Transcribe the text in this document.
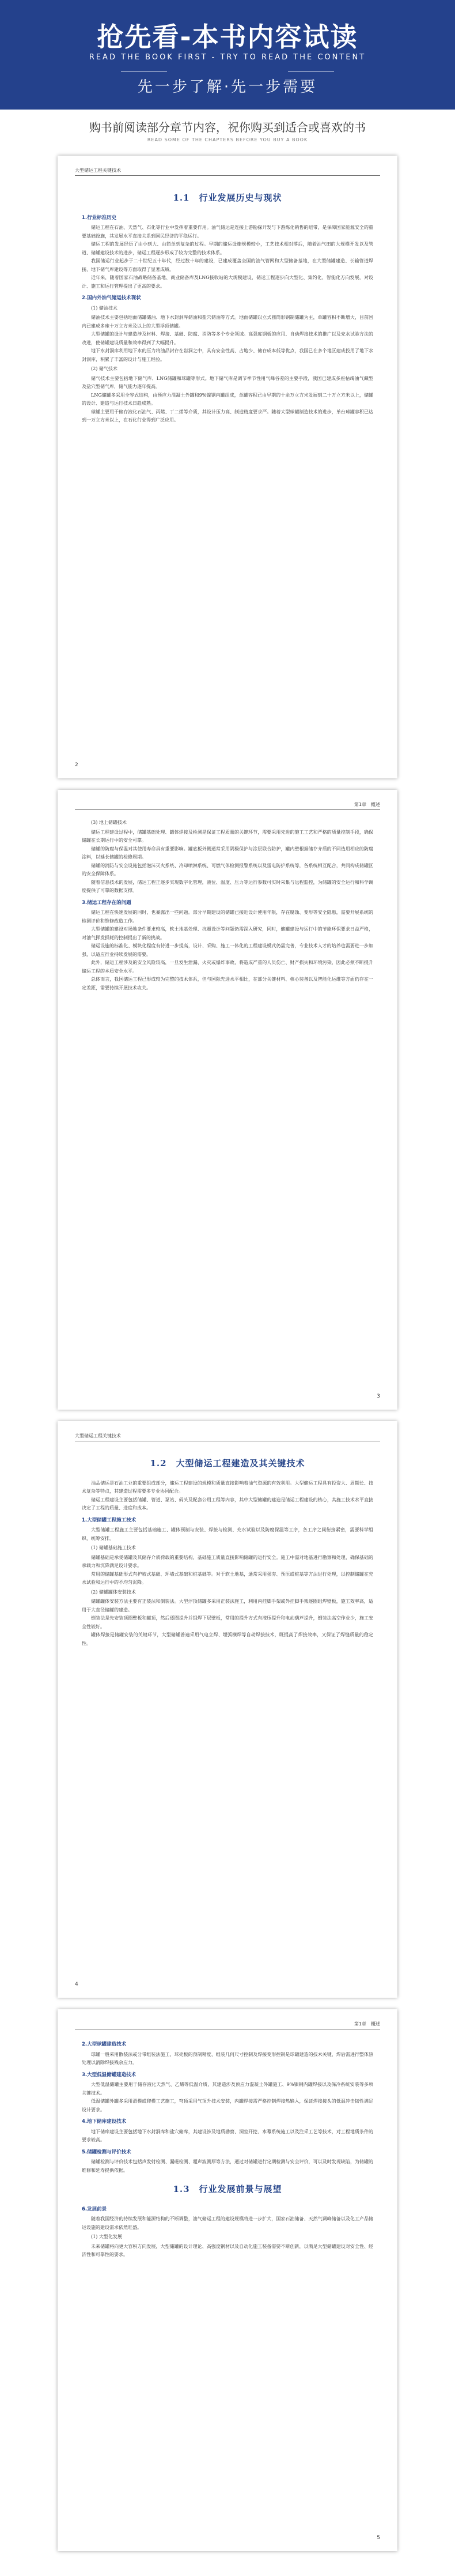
抢先看-本书内容试读
READ THE BOOK FIRST - TRY TO READ THE CONTENT
先一步了解·先一步需要
购书前阅读部分章节内容，祝你购买到适合或喜欢的书
READ SOME OF THE CHAPTERS BEFORE YOU BUY A BOOK
大型储运工程关键技术
1.1　行业发展历史与现状
1.行业标准历史

储运工程在石油、天然气、石化等行业中发挥着重要作用。油气储运是连接上游勘探开发与下游炼化销售的纽带，是保障国家能源安全的重要基础设施，其发展水平直接关系到国民经济的平稳运行。

储运工程的发展经历了由小到大、由简单到复杂的过程。早期的储运设施规模较小，工艺技术相对落后，随着油气田的大规模开发以及管道、储罐建设技术的进步，储运工程逐步形成了较为完整的技术体系。

我国储运行业起步于二十世纪五十年代，经过数十年的建设，已建成覆盖全国的油气管网和大型储备基地，在大型储罐建造、长输管道焊接、地下储气库建设等方面取得了显著成绩。

近年来，随着国家石油战略储备基地、商业储备库及LNG接收站的大规模建设，储运工程逐步向大型化、集约化、智能化方向发展，对设计、施工和运行管理提出了更高的要求。

2.国内外油气储运技术现状
(1) 储油技术

储油技术主要包括地面储罐储油、地下水封洞库储油和盐穴储油等方式。地面储罐以立式圆筒形钢制储罐为主，单罐容积不断增大，目前国内已建成多座十万立方米及以上的大型浮顶储罐。

大型储罐的设计与建造涉及材料、焊接、基础、防腐、消防等多个专业领域。高强度钢板的应用、自动焊接技术的推广以及充水试验方法的改进，使储罐建设质量和效率得到了大幅提升。

地下水封洞库利用地下水的压力将油品封存在岩洞之中，具有安全性高、占地少、储存成本低等优点，我国已在多个地区建成投用了地下水封洞库，积累了丰富的设计与施工经验。

(2) 储气技术

储气技术主要包括地下储气库、LNG储罐和球罐等形式。地下储气库是调节季节性用气峰谷差的主要手段，我国已建成多座枯竭油气藏型及盐穴型储气库，储气能力逐年提高。

LNG储罐多采用全容式结构，由预应力混凝土外罐和9%镍钢内罐组成，单罐容积已由早期的十余万立方米发展到二十万立方米以上，储罐的设计、建造与运行技术日趋成熟。

球罐主要用于储存液化石油气、丙烯、丁二烯等介质，其设计压力高、制造精度要求严。随着大型球罐制造技术的进步，单台球罐容积已达到一万立方米以上，在石化行业得到广泛应用。

2
第1章　概述
(3) 地上储罐技术

储运工程建设过程中，储罐基础处理、罐体焊接及检测是保证工程质量的关键环节，需要采用先进的施工工艺和严格的质量控制手段，确保储罐在长期运行中的安全可靠。

储罐的防腐与保温对其使用寿命具有重要影响。罐底板外侧通常采用阴极保护与涂层联合防护，罐内壁根据储存介质的不同选用相应的防腐涂料，以延长储罐的检修周期。

储罐的消防与安全设施包括泡沫灭火系统、冷却喷淋系统、可燃气体检测报警系统以及雷电防护系统等，各系统相互配合，共同构成储罐区的安全保障体系。

随着信息技术的发展，储运工程正逐步实现数字化管理，液位、温度、压力等运行参数可实时采集与远程监控，为储罐的安全运行和科学调度提供了可靠的数据支撑。

3.储运工程存在的问题

储运工程在快速发展的同时，也暴露出一些问题。部分早期建设的储罐已接近设计使用年限，存在腐蚀、变形等安全隐患，需要开展系统的检测评价和维修改造工作。

大型储罐的建设对场地条件要求较高，软土地基处理、抗震设计等问题仍需深入研究，同时，储罐建设与运行中的节能环保要求日益严格，对油气挥发损耗的控制提出了新的挑战。

储运设施的标准化、模块化程度有待进一步提高，设计、采购、施工一体化的工程建设模式仍需完善，专业技术人才的培养也需要进一步加强，以适应行业持续发展的需要。

此外，储运工程涉及的安全风险较高，一旦发生泄漏、火灾或爆炸事故，将造成严重的人员伤亡、财产损失和环境污染，因此必须不断提升储运工程的本质安全水平。

总体而言，我国储运工程已形成较为完整的技术体系，但与国际先进水平相比，在部分关键材料、核心装备以及智能化运维等方面仍存在一定差距，需要持续开展技术攻关。

3
大型储运工程关键技术
1.2　大型储运工程建造及其关键技术

油品储运是石油工业的重要组成部分，储运工程建设的规模和质量直接影响着油气资源的有效利用。大型储运工程具有投资大、周期长、技术复杂等特点，其建造过程需要多专业协同配合。

储运工程建设主要包括储罐、管道、泵站、码头及配套公用工程等内容，其中大型储罐的建造是储运工程建设的核心，其施工技术水平直接决定了工程的质量、进度和成本。

1.大型储罐工程施工技术

大型储罐工程施工主要包括基础施工、罐体预制与安装、焊接与检测、充水试验以及防腐保温等工序，各工序之间衔接紧密，需要科学组织、统筹安排。

(1) 储罐基础施工技术

储罐基础是承受储罐及其储存介质荷载的重要结构，基础施工质量直接影响储罐的运行安全。施工中需对地基进行勘察和处理，确保基础的承载力和沉降满足设计要求。

常用的储罐基础形式有护坡式基础、环墙式基础和桩基础等。对于软土地基，通常采用强夯、预压或桩基等方法进行处理，以控制储罐在充水试验和运行中的不均匀沉降。

(2) 储罐罐体安装技术

储罐罐体安装方法主要有正装法和倒装法。大型浮顶储罐多采用正装法施工，利用内挂脚手架或外挂脚手架逐圈组焊壁板，施工效率高，适用于大直径储罐的建造。

倒装法是先安装顶圈壁板和罐顶，然后逐圈提升并组焊下层壁板，常用的提升方式有液压提升和电动葫芦提升，倒装法高空作业少，施工安全性较好。

罐体焊接是储罐安装的关键环节，大型储罐普遍采用气电立焊、埋弧横焊等自动焊接技术，既提高了焊接效率，又保证了焊缝质量的稳定性。

4
第1章　概述
2.大型球罐建造技术

球罐一般采用散装法或分带组装法施工，球壳板的预制精度、组装几何尺寸控制及焊接变形控制是球罐建造的技术关键，焊后需进行整体热处理以消除焊接残余应力。

3.大型低温储罐建造技术

大型低温储罐主要用于储存液化天然气、乙烯等低温介质，其建造涉及预应力混凝土外罐施工、9%镍钢内罐焊接以及保冷系统安装等多项关键技术。

低温储罐外罐多采用滑模或爬模工艺施工，穹顶采用气顶升技术安装，内罐焊接需严格控制焊接热输入，保证焊接接头的低温冲击韧性满足设计要求。

4.地下储库建设技术

地下储库建设主要包括地下水封洞库和盐穴储库，其建设涉及地质勘察、洞室开挖、水幕系统施工以及注采工艺等技术，对工程地质条件的要求较高。

5.储罐检测与评价技术

储罐检测与评价技术包括声发射检测、漏磁检测、超声波测厚等方法，通过对储罐进行定期检测与安全评价，可以及时发现缺陷，为储罐的维修和延寿提供依据。

1.3　行业发展前景与展望
6.发展前景

随着我国经济的持续发展和能源结构的不断调整，油气储运工程的建设规模将进一步扩大，国家石油储备、天然气调峰储备以及化工产品储运设施的建设需求依然旺盛。

(1) 大型化发展

未来储罐将向更大容积方向发展，大型储罐的设计理论、高强度钢材以及自动化施工装备需要不断创新，以满足大型储罐建设对安全性、经济性和可靠性的要求。

5
